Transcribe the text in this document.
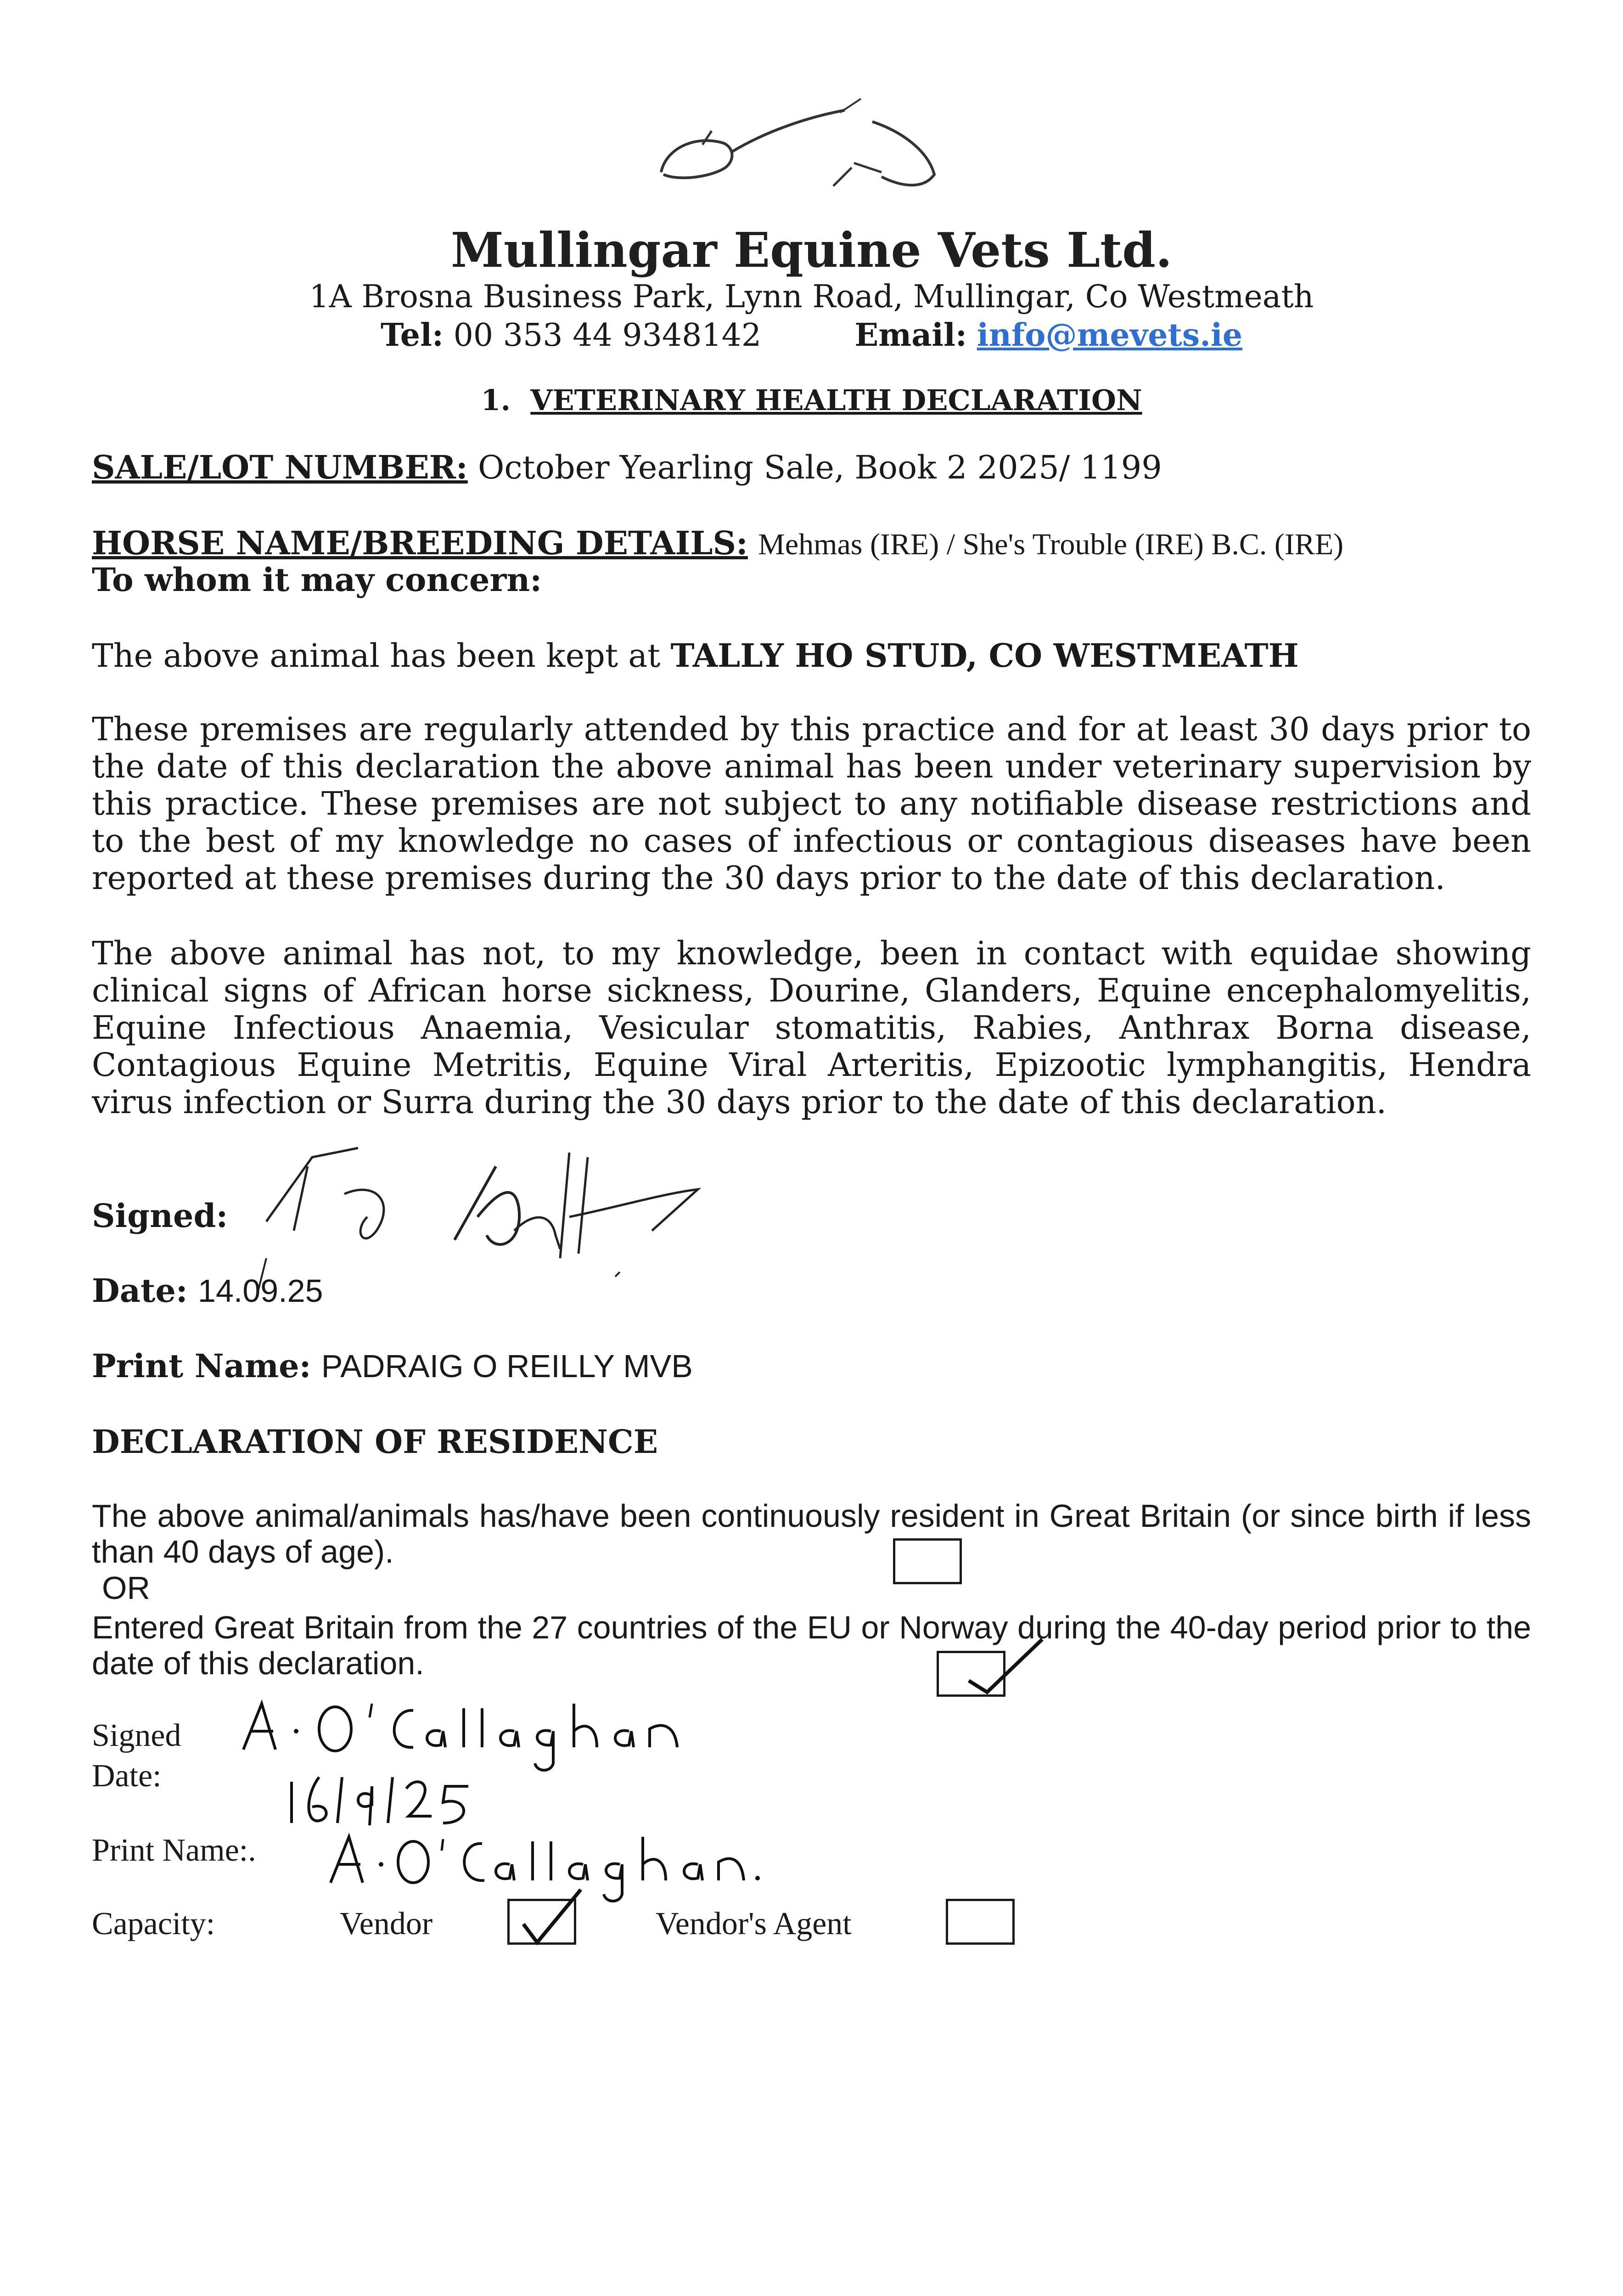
Mullingar Equine Vets Ltd.
1A Brosna Business Park, Lynn Road, Mullingar, Co Westmeath
Tel: 00 353 44 9348142	Email: info@mevets.ie
1. VETERINARY HEALTH DECLARATION
SALE/LOT NUMBER: October Yearling Sale, Book 2 2025/ 1199
HORSE NAME/BREEDING DETAILS: Mehmas (IRE) / She's Trouble (IRE) B.C. (IRE)
To whom it may concern:
The above animal has been kept at TALLY HO STUD, CO WESTMEATH
These premises are regularly attended by this practice and for at least 30 days prior to the date of this declaration the above animal has been under veterinary supervision by this practice. These premises are not subject to any notifiable disease restrictions and to the best of my knowledge no cases of infectious or contagious diseases have been reported at these premises during the 30 days prior to the date of this declaration.
The above animal has not, to my knowledge, been in contact with equidae showing clinical signs of African horse sickness, Dourine, Glanders, Equine encephalomyelitis, Equine Infectious Anaemia, Vesicular stomatitis, Rabies, Anthrax Borna disease, Contagious Equine Metritis, Equine Viral Arteritis, Epizootic lymphangitis, Hendra virus infection or Surra during the 30 days prior to the date of this declaration.
Signed:
Date: 14.09.25
Print Name: PADRAIG O REILLY MVB
DECLARATION OF RESIDENCE
The above animal/animals has/have been continuously resident in Great Britain (or since birth if less than 40 days of age).
OR
Entered Great Britain from the 27 countries of the EU or Norway during the 40-day period prior to the date of this declaration.
Signed
Date:
Print Name:.
Capacity:	Vendor	Vendor's Agent
